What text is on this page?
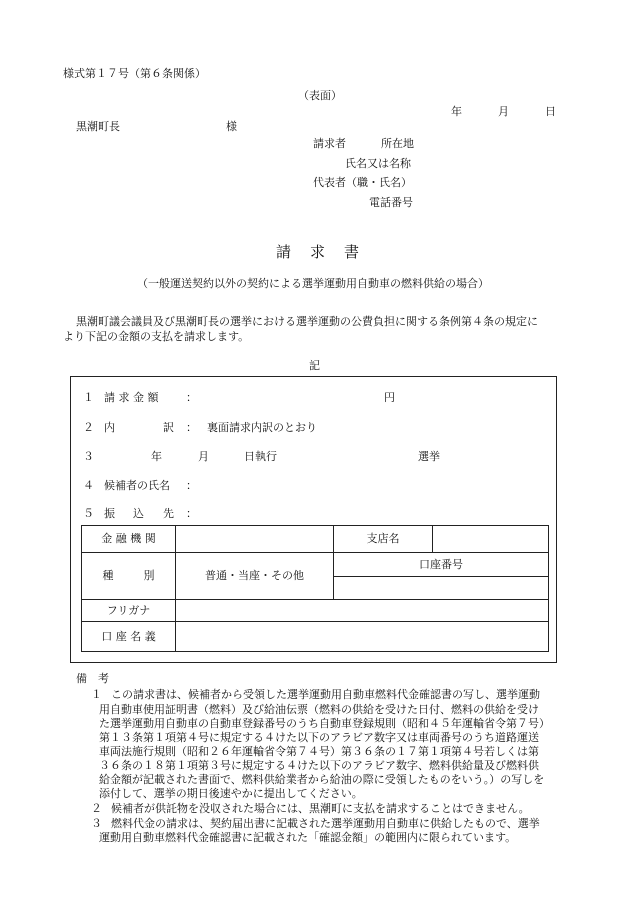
様式第１７号（第６条関係）
（表面）
年	月	日
黒潮町長	様
請求者	所在地
氏名又は名称
代表者（職・氏名）
電話番号
請　求　書
（一般運送契約以外の契約による選挙運動用自動車の燃料供給の場合）
黒潮町議会議員及び黒潮町長の選挙における選挙運動の公費負担に関する条例第４条の規定に
より下記の金額の支払を請求します。
記
１ 請 求 金 額	：	円
２ 内	訳 ： 裏面請求内訳のとおり
３	年	月	日執行	選挙
４ 候補者の氏名 ：
５ 振 込 先 ：
金 融 機 関		支店名	
種 別	普通・当座・その他	口座番号	

フリガナ			
口 座 名 義			
備　考
１ この請求書は、候補者から受領した選挙運動用自動車燃料代金確認書の写し、選挙運動
用自動車使用証明書（燃料）及び給油伝票（燃料の供給を受けた日付、燃料の供給を受け
た選挙運動用自動車の自動車登録番号のうち自動車登録規則（昭和４５年運輸省令第７号）
第１３条第１項第４号に規定する４けた以下のアラビア数字又は車両番号のうち道路運送
車両法施行規則（昭和２６年運輸省令第７４号）第３６条の１７第１項第４号若しくは第
３６条の１８第１項第３号に規定する４けた以下のアラビア数字、燃料供給量及び燃料供
給金額が記載された書面で、燃料供給業者から給油の際に受領したものをいう。）の写しを
添付して、選挙の期日後速やかに提出してください。
２ 候補者が供託物を没収された場合には、黒潮町に支払を請求することはできません。
３ 燃料代金の請求は、契約届出書に記載された選挙運動用自動車に供給したもので、選挙
運動用自動車燃料代金確認書に記載された「確認金額」の範囲内に限られています。
